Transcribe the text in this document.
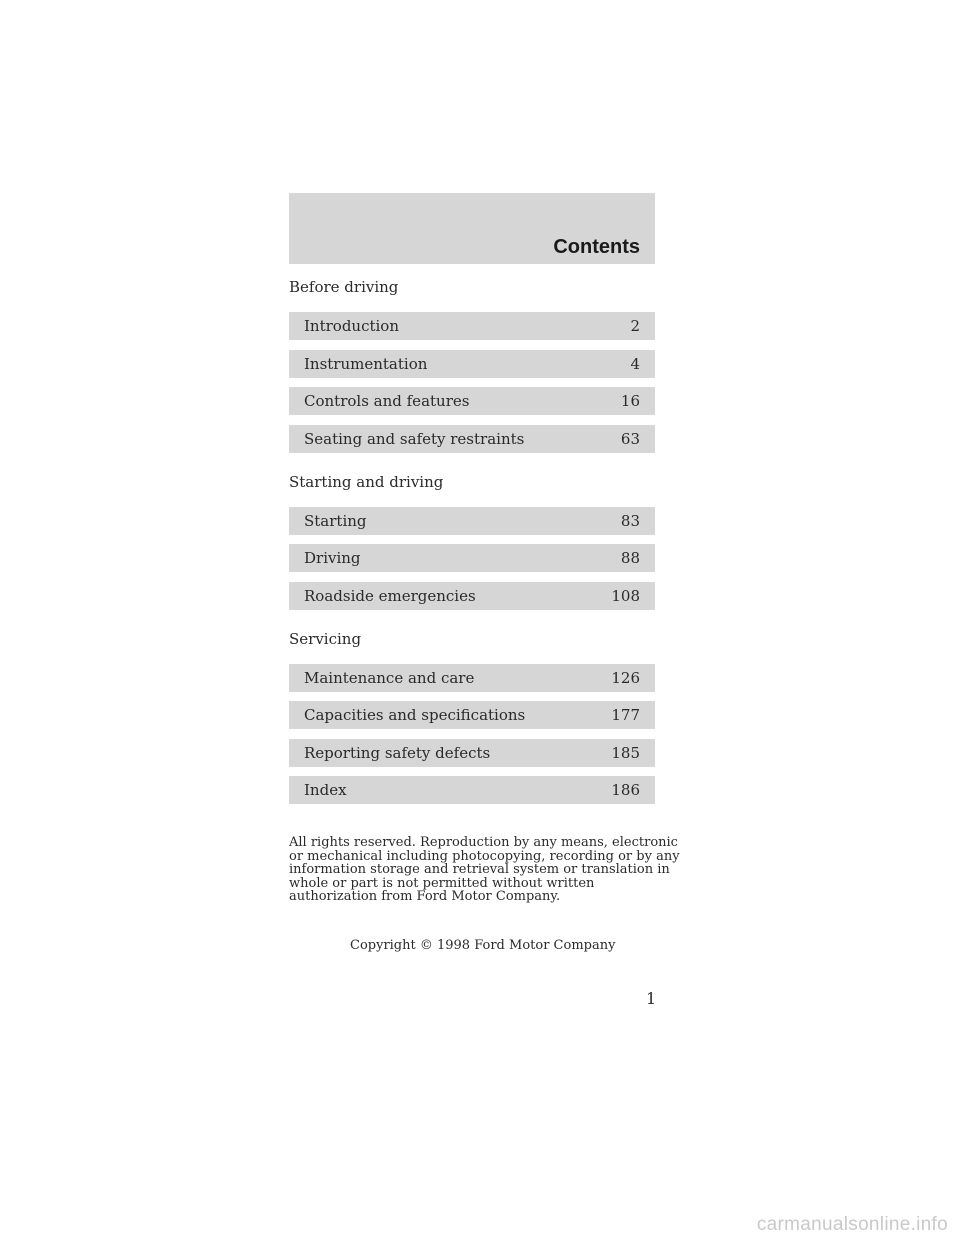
Contents
Before driving
Introduction	2
Instrumentation	4
Controls and features	16
Seating and safety restraints	63
Starting and driving
Starting	83
Driving	88
Roadside emergencies	108
Servicing
Maintenance and care	126
Capacities and specifications	177
Reporting safety defects	185
Index	186
All rights reserved. Reproduction by any means, electronic
or mechanical including photocopying, recording or by any
information storage and retrieval system or translation in
whole or part is not permitted without written
authorization from Ford Motor Company.
Copyright © 1998 Ford Motor Company
1
carmanualsonline.info
